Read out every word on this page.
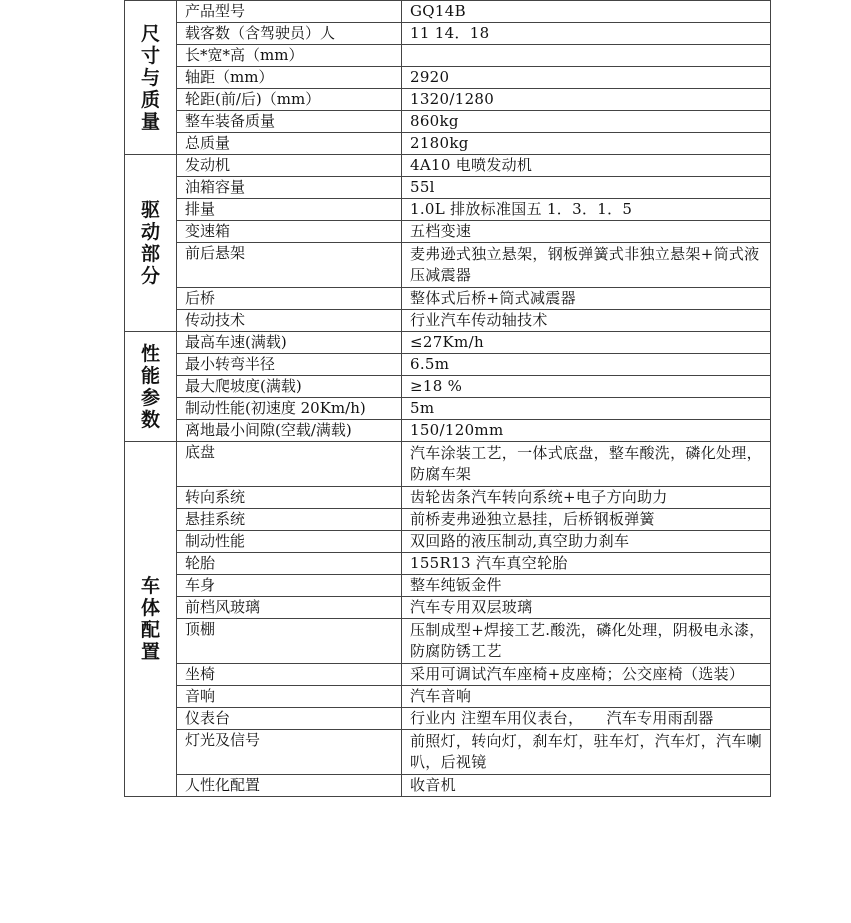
尺寸与质量	产品型号	GQ14B
	载客数（含驾驶员）人	11 14．18
	长*宽*高（mm）	
	轴距（mm）	2920
	轮距(前/后)（mm）	1320/1280
	整车装备质量	860kg
	总质量	2180kg
驱动部分	发动机	4A10 电喷发动机
	油箱容量	55l
	排量	1.0L 排放标准国五 1．3．1．5
	变速箱	五档变速
	前后悬架	麦弗逊式独立悬架，钢板弹簧式非独立悬架+筒式液压减震器
	后桥	整体式后桥+筒式减震器
	传动技术	行业汽车传动轴技术
性能参数	最高车速(满载)	≤27Km/h
	最小转弯半径	6.5m
	最大爬坡度(满载)	≥18 %
	制动性能(初速度 20Km/h)	5m
	离地最小间隙(空载/满载)	150/120mm
车体配置	底盘	汽车涂装工艺，一体式底盘，整车酸洗，磷化处理，防腐车架
	转向系统	齿轮齿条汽车转向系统+电子方向助力
	悬挂系统	前桥麦弗逊独立悬挂，后桥钢板弹簧
	制动性能	双回路的液压制动,真空助力刹车
	轮胎	155R13 汽车真空轮胎
	车身	整车纯钣金件
	前档风玻璃	汽车专用双层玻璃
	顶棚	压制成型+焊接工艺.酸洗，磷化处理，阴极电永漆，防腐防锈工艺
	坐椅	采用可调试汽车座椅+皮座椅；公交座椅（选装）
	音响	汽车音响
	仪表台	行业内 注塑车用仪表台，　　汽车专用雨刮器
	灯光及信号	前照灯，转向灯，刹车灯，驻车灯，汽车灯，汽车喇叭，后视镜
	人性化配置	收音机
